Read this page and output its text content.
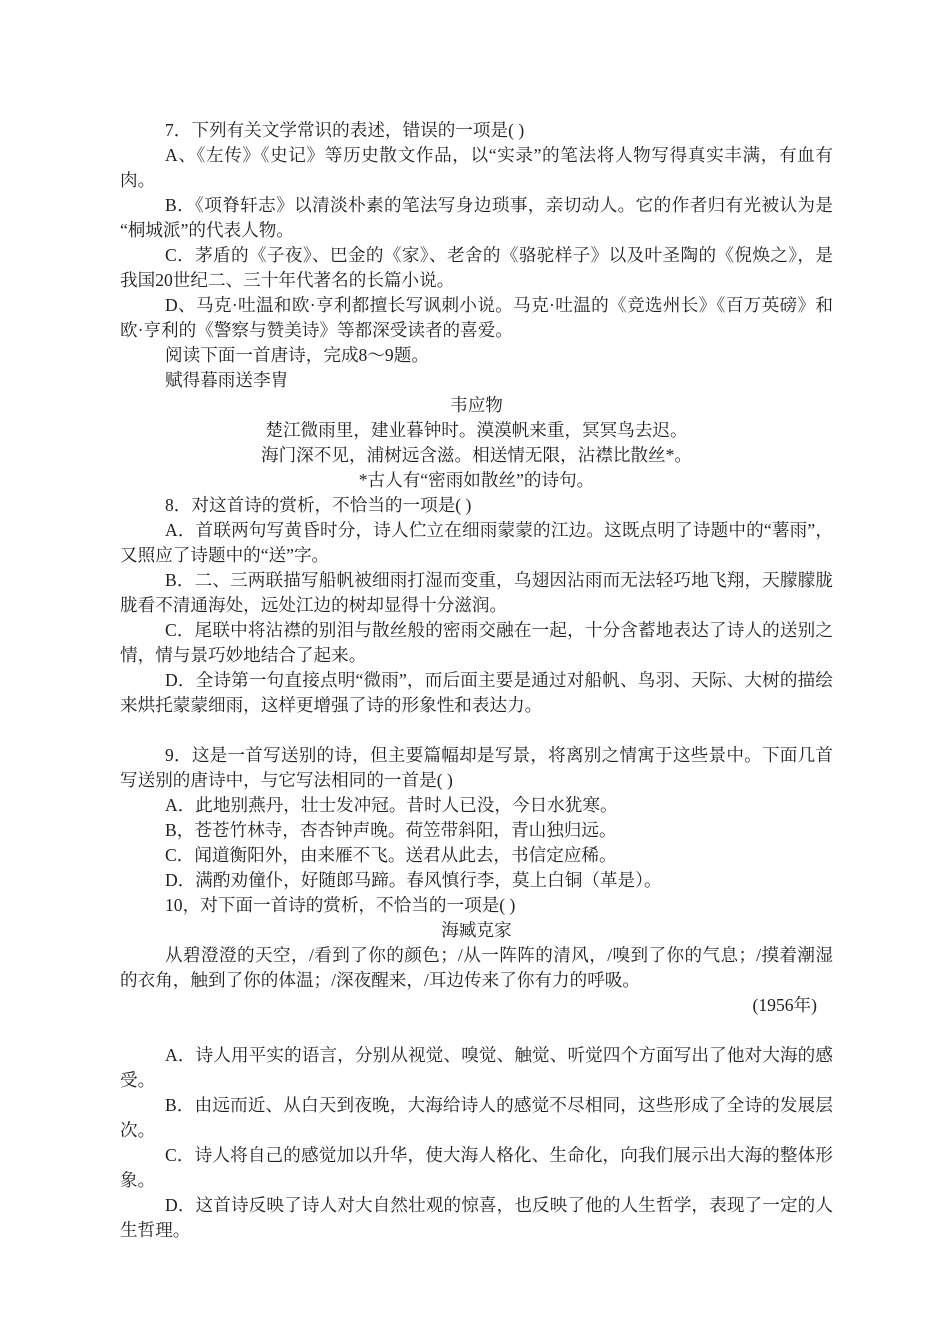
7．下列有关文学常识的表述，错误的一项是( )

A、《左传》《史记》等历史散文作品，以“实录”的笔法将人物写得真实丰满，有血有肉。

B．《项脊轩志》以清淡朴素的笔法写身边琐事，亲切动人。它的作者归有光被认为是“桐城派”的代表人物。

C．茅盾的《子夜》、巴金的《家》、老舍的《骆驼样子》以及叶圣陶的《倪焕之》，是我国20世纪二、三十年代著名的长篇小说。

D、马克·吐温和欧·亨利都擅长写讽刺小说。马克·吐温的《竞选州长》《百万英磅》和欧·亨利的《警察与赞美诗》等都深受读者的喜爱。

阅读下面一首唐诗，完成8～9题。

赋得暮雨送李胄

韦应物

楚江微雨里，建业暮钟时。漠漠帆来重，冥冥鸟去迟。

海门深不见，浦树远含滋。相送情无限，沾襟比散丝*。

*古人有“密雨如散丝”的诗句。

8．对这首诗的赏析，不恰当的一项是( )

A．首联两句写黄昏时分，诗人伫立在细雨蒙蒙的江边。这既点明了诗题中的“薯雨”，又照应了诗题中的“送”字。

B．二、三两联描写船帆被细雨打湿而变重，乌翅因沾雨而无法轻巧地飞翔，天朦朦胧胧看不清通海处，远处江边的树却显得十分滋润。

C．尾联中将沾襟的别泪与散丝般的密雨交融在一起，十分含蓄地表达了诗人的送别之情，情与景巧妙地结合了起来。

D．全诗第一句直接点明“微雨”，而后面主要是通过对船帆、鸟羽、天际、大树的描绘来烘托蒙蒙细雨，这样更增强了诗的形象性和表达力。

9．这是一首写送别的诗，但主要篇幅却是写景，将离别之情寓于这些景中。下面几首写送别的唐诗中，与它写法相同的一首是( )

A．此地别燕丹，壮士发冲冠。昔时人已没，今日水犹寒。

B，苍苍竹林寺，杏杏钟声晚。荷笠带斜阳，青山独归远。

C．闻道衡阳外，由来雁不飞。送君从此去，书信定应稀。

D．满酌劝僮仆，好随郎马蹄。春风慎行李，莫上白铜（革是）。

10，对下面一首诗的赏析，不恰当的一项是( )

海臧克家

从碧澄澄的天空，/看到了你的颜色；/从一阵阵的清风，/嗅到了你的气息；/摸着潮湿的衣角，触到了你的体温；/深夜醒来，/耳边传来了你有力的呼吸。

(1956年)

A．诗人用平实的语言，分别从视觉、嗅觉、触觉、听觉四个方面写出了他对大海的感受。

B．由远而近、从白天到夜晚，大海给诗人的感觉不尽相同，这些形成了全诗的发展层次。

C．诗人将自己的感觉加以升华，使大海人格化、生命化，向我们展示出大海的整体形象。

D．这首诗反映了诗人对大自然壮观的惊喜，也反映了他的人生哲学，表现了一定的人生哲理。
